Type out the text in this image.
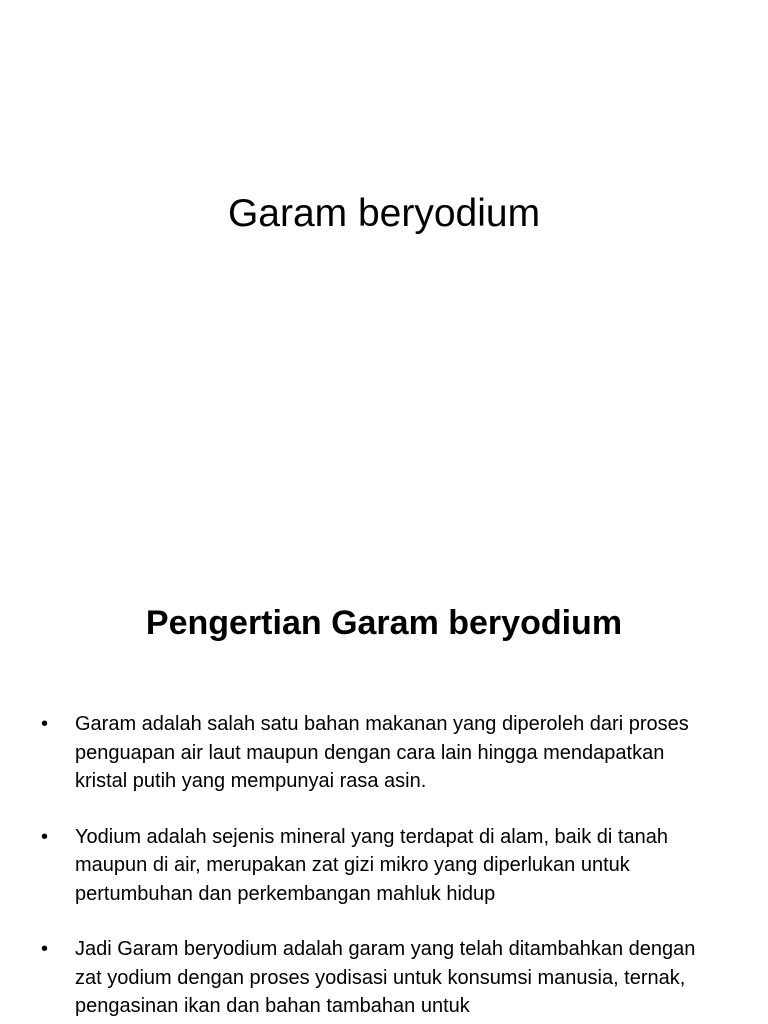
Garam beryodium
Pengertian Garam beryodium
• Garam adalah salah satu bahan makanan yang diperoleh dari proses penguapan air laut maupun dengan cara lain hingga mendapatkan kristal putih yang mempunyai rasa asin.
• Yodium adalah sejenis mineral yang terdapat di alam, baik di tanah maupun di air, merupakan zat gizi mikro yang diperlukan untuk pertumbuhan dan perkembangan mahluk hidup
• Jadi Garam beryodium adalah garam yang telah ditambahkan dengan zat yodium dengan proses yodisasi untuk konsumsi manusia, ternak, pengasinan ikan dan bahan tambahan untuk
